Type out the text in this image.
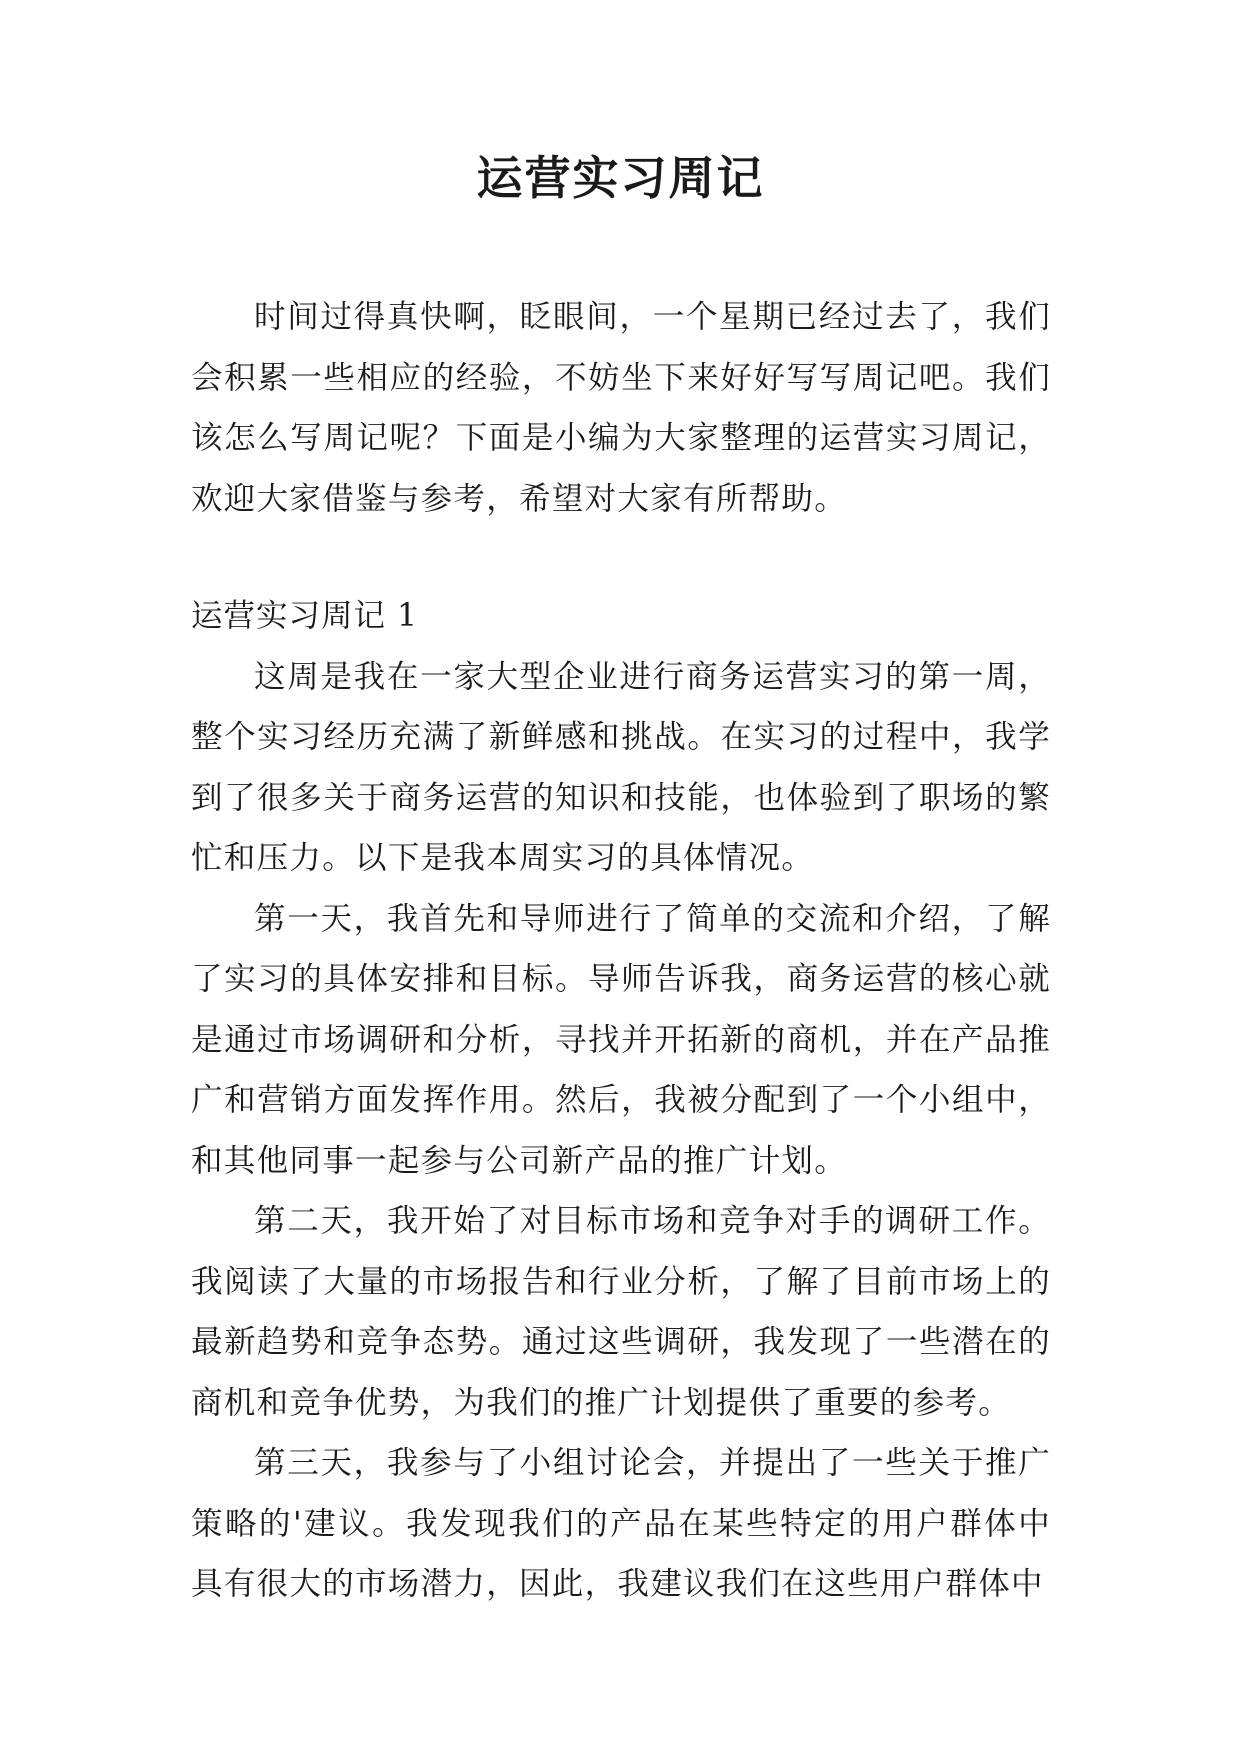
运营实习周记

时间过得真快啊，眨眼间，一个星期已经过去了，我们会积累一些相应的经验，不妨坐下来好好写写周记吧。我们该怎么写周记呢？下面是小编为大家整理的运营实习周记，欢迎大家借鉴与参考，希望对大家有所帮助。

运营实习周记 1

这周是我在一家大型企业进行商务运营实习的第一周，整个实习经历充满了新鲜感和挑战。在实习的过程中，我学到了很多关于商务运营的知识和技能，也体验到了职场的繁忙和压力。以下是我本周实习的具体情况。

第一天，我首先和导师进行了简单的交流和介绍，了解了实习的具体安排和目标。导师告诉我，商务运营的核心就是通过市场调研和分析，寻找并开拓新的商机，并在产品推广和营销方面发挥作用。然后，我被分配到了一个小组中，和其他同事一起参与公司新产品的推广计划。

第二天，我开始了对目标市场和竞争对手的调研工作。我阅读了大量的市场报告和行业分析，了解了目前市场上的最新趋势和竞争态势。通过这些调研，我发现了一些潜在的商机和竞争优势，为我们的推广计划提供了重要的参考。

第三天，我参与了小组讨论会，并提出了一些关于推广策略的'建议。我发现我们的产品在某些特定的用户群体中具有很大的市场潜力，因此，我建议我们在这些用户群体中
